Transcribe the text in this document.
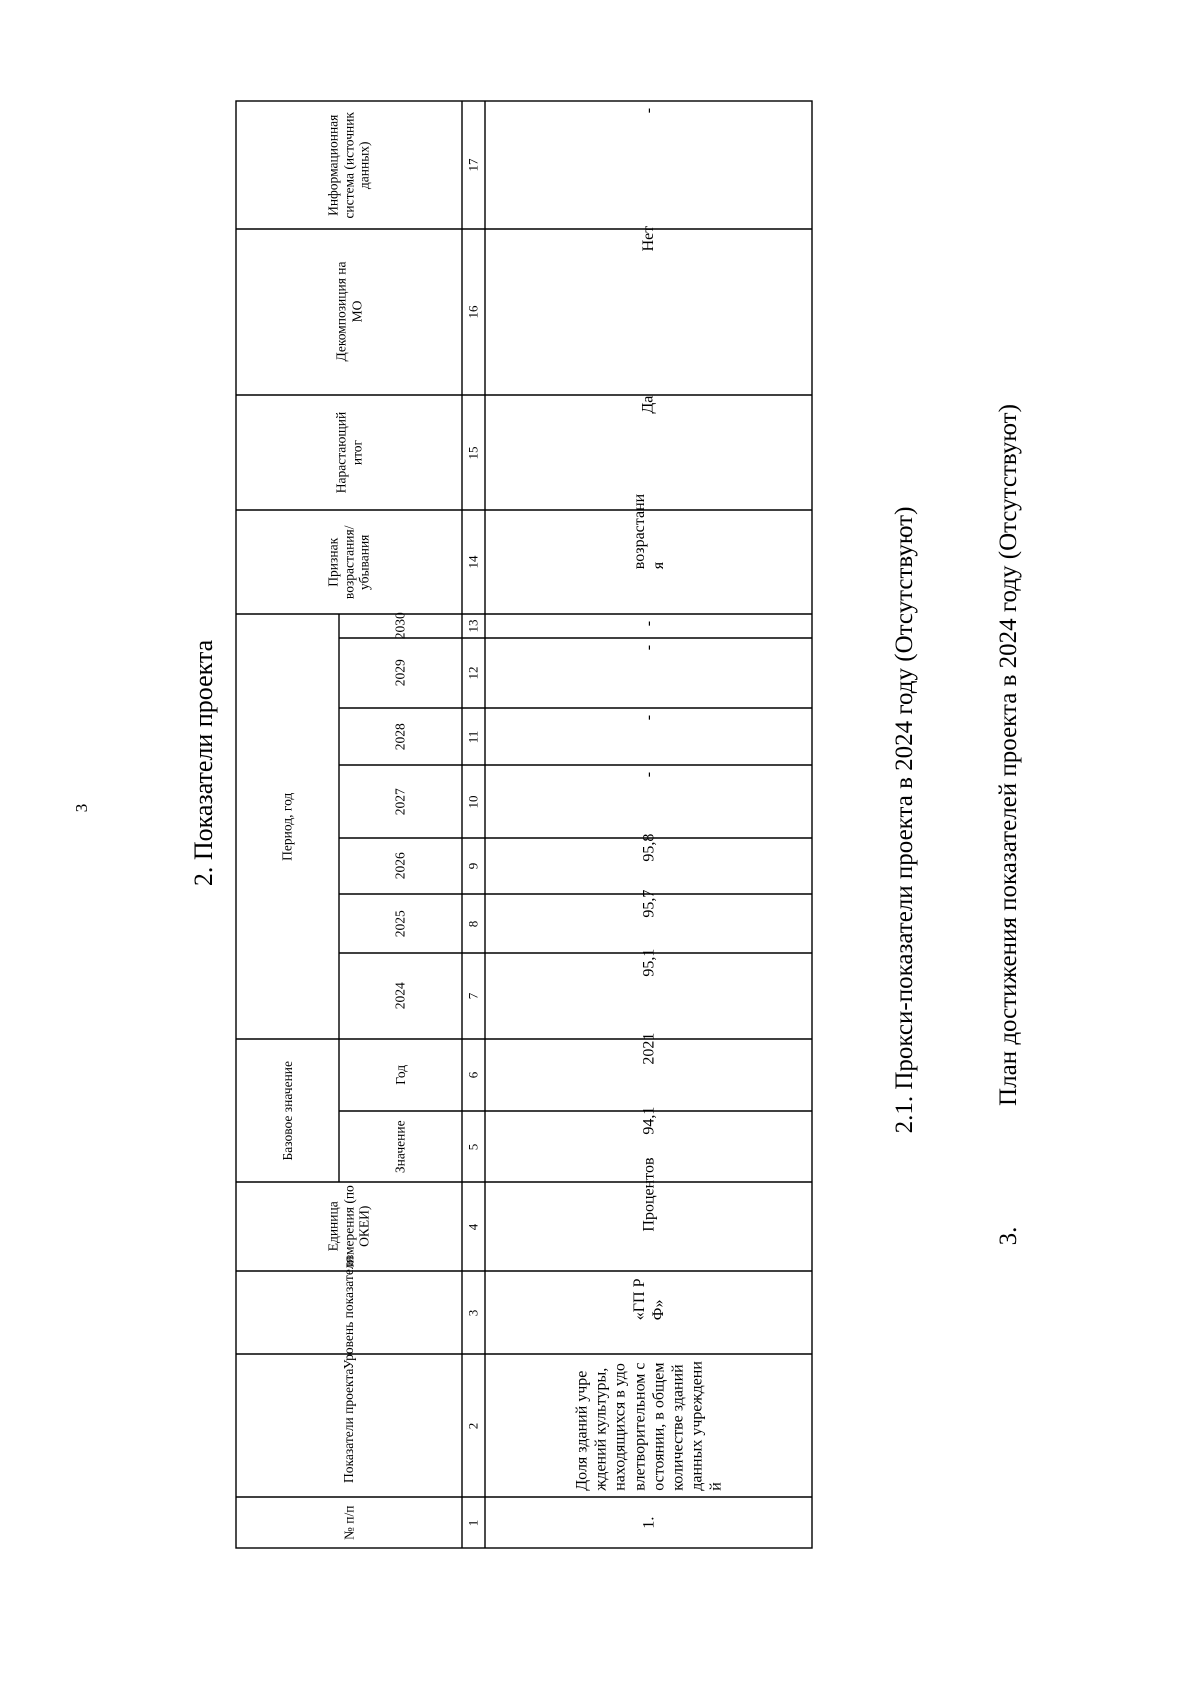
3	2. Показатели проекта
№ п/п
Показатели проекта
Уровень показателя
Единица измерения (по ОКЕИ)
Базовое значение	Значение
Год
Период, год
2024
2025
2026
2027
2028
2029
2030
Признак возрастания/ убывания
Нарастающий итог
Декомпозиция на МО
Информационная система (источник данных)
1
2
3
4
5
6
7
8
9
10
11
12
13
14
15
16
17
1.
Доля зданий учреждений культуры, находящихся в удовлетворительном состоянии, в общем количестве зданий данных учреждений
«ГП РФ»
Процентов
94,1
2021
95,1
95,7
95,8
-
-
-
-
возрастания
Да
Нет
-
2.1. Прокси-показатели проекта в 2024 году (Отсутствуют)
3.
План достижения показателей проекта в 2024 году (Отсутствуют)
